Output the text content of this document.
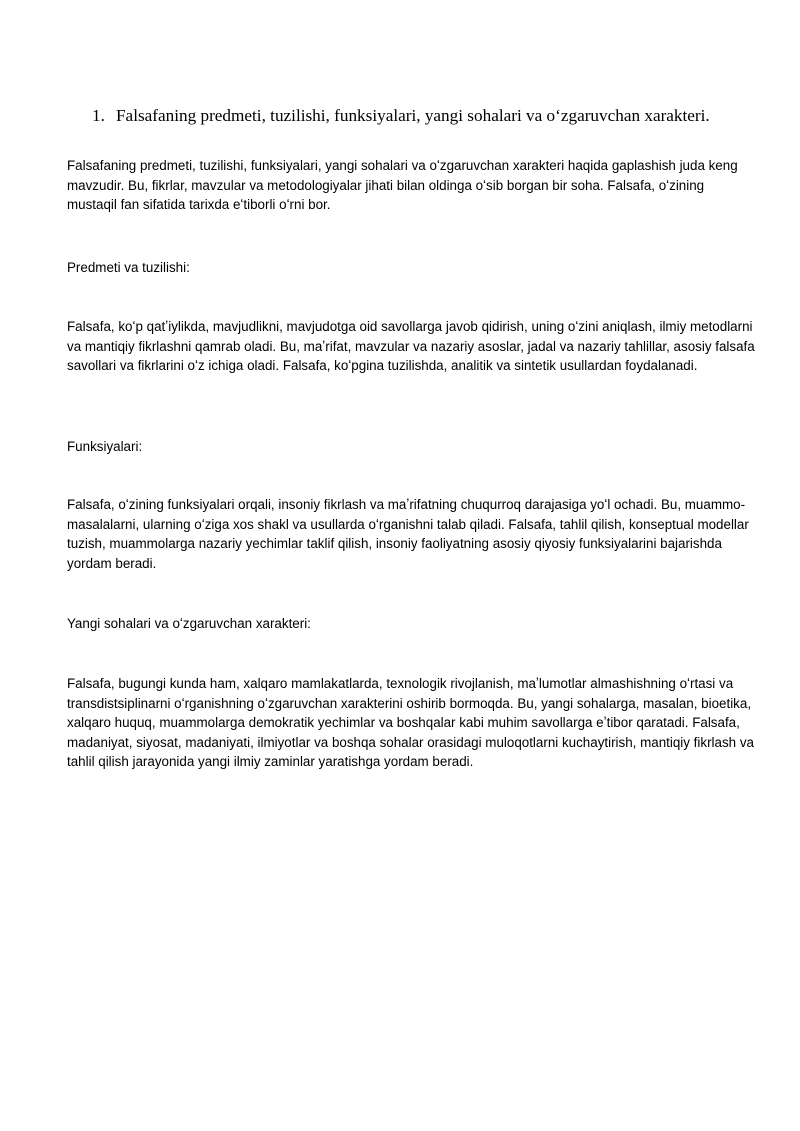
1. Falsafaning predmeti, tuzilishi, funksiyalari, yangi sohalari va oʻzgaruvchan xarakteri.
Falsafaning predmeti, tuzilishi, funksiyalari, yangi sohalari va oʻzgaruvchan xarakteri haqida gaplashish juda keng mavzudir. Bu, fikrlar, mavzular va metodologiyalar jihati bilan oldinga oʻsib borgan bir soha. Falsafa, oʻzining mustaqil fan sifatida tarixda eʻtiborli oʻrni bor.
Predmeti va tuzilishi:
Falsafa, koʻp qatʼiylikda, mavjudlikni, mavjudotga oid savollarga javob qidirish, uning oʻzini aniqlash, ilmiy metodlarni va mantiqiy fikrlashni qamrab oladi. Bu, maʼrifat, mavzular va nazariy asoslar, jadal va nazariy tahlillar, asosiy falsafa savollari va fikrlarini oʻz ichiga oladi. Falsafa, koʻpgina tuzilishda, analitik va sintetik usullardan foydalanadi.
Funksiyalari:
Falsafa, oʻzining funksiyalari orqali, insoniy fikrlash va maʼrifatning chuqurroq darajasiga yoʻl ochadi. Bu, muammo-masalalarni, ularning oʻziga xos shakl va usullarda oʻrganishni talab qiladi. Falsafa, tahlil qilish, konseptual modellar tuzish, muammolarga nazariy yechimlar taklif qilish, insoniy faoliyatning asosiy qiyosiy funksiyalarini bajarishda yordam beradi.
Yangi sohalari va oʻzgaruvchan xarakteri:
Falsafa, bugungi kunda ham, xalqaro mamlakatlarda, texnologik rivojlanish, maʼlumotlar almashishning oʻrtasi va transdistsiplinarni oʻrganishning oʻzgaruvchan xarakterini oshirib bormoqda. Bu, yangi sohalarga, masalan, bioetika, xalqaro huquq, muammolarga demokratik yechimlar va boshqalar kabi muhim savollarga eʼtibor qaratadi. Falsafa, madaniyat, siyosat, madaniyati, ilmiyotlar va boshqa sohalar orasidagi muloqotlarni kuchaytirish, mantiqiy fikrlash va tahlil qilish jarayonida yangi ilmiy zaminlar yaratishga yordam beradi.
